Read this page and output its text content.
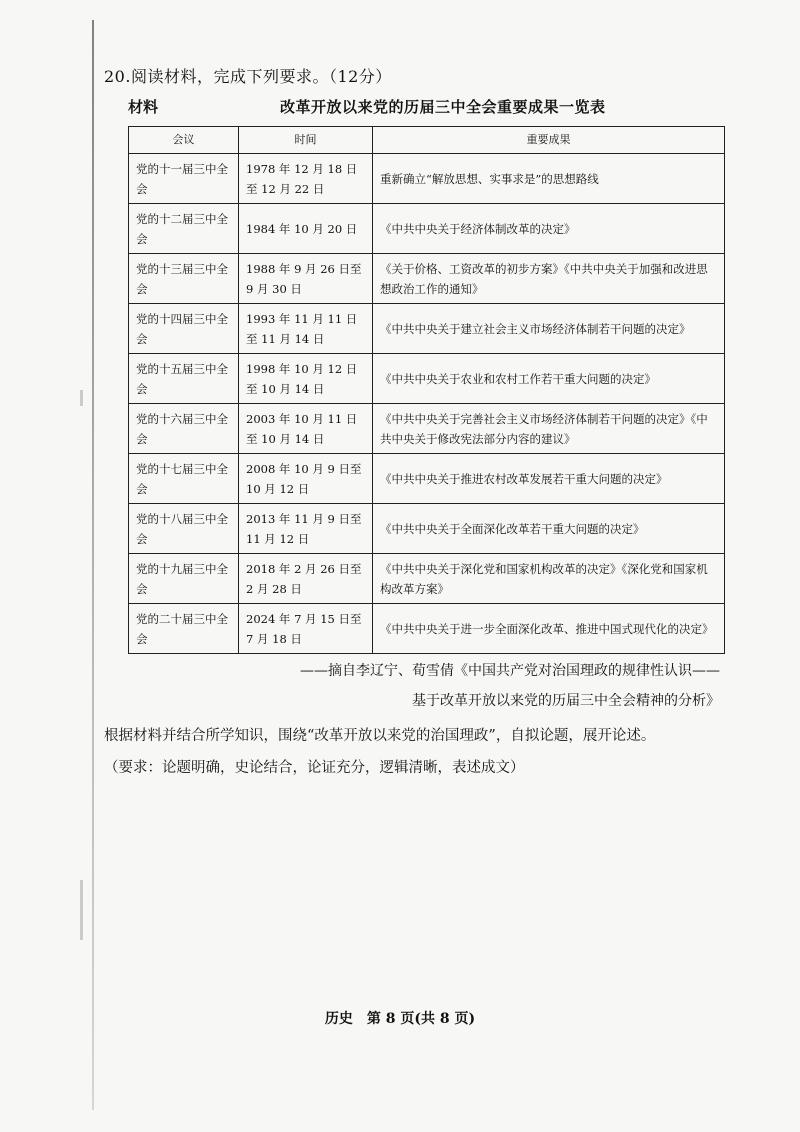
20.阅读材料，完成下列要求。（12分）
材料	改革开放以来党的历届三中全会重要成果一览表
会议	时间	重要成果
党的十一届三中全会	1978 年 12 月 18 日至 12 月 22 日	重新确立“解放思想、实事求是”的思想路线
党的十二届三中全会	1984 年 10 月 20 日	《中共中央关于经济体制改革的决定》
党的十三届三中全会	1988 年 9 月 26 日至 9 月 30 日	《关于价格、工资改革的初步方案》《中共中央关于加强和改进思想政治工作的通知》
党的十四届三中全会	1993 年 11 月 11 日至 11 月 14 日	《中共中央关于建立社会主义市场经济体制若干问题的决定》
党的十五届三中全会	1998 年 10 月 12 日至 10 月 14 日	《中共中央关于农业和农村工作若干重大问题的决定》
党的十六届三中全会	2003 年 10 月 11 日至 10 月 14 日	《中共中央关于完善社会主义市场经济体制若干问题的决定》《中共中央关于修改宪法部分内容的建议》
党的十七届三中全会	2008 年 10 月 9 日至 10 月 12 日	《中共中央关于推进农村改革发展若干重大问题的决定》
党的十八届三中全会	2013 年 11 月 9 日至 11 月 12 日	《中共中央关于全面深化改革若干重大问题的决定》
党的十九届三中全会	2018 年 2 月 26 日至 2 月 28 日	《中共中央关于深化党和国家机构改革的决定》《深化党和国家机构改革方案》
党的二十届三中全会	2024 年 7 月 15 日至 7 月 18 日	《中共中央关于进一步全面深化改革、推进中国式现代化的决定》
——摘自李辽宁、荀雪倩《中国共产党对治国理政的规律性认识——
基于改革开放以来党的历届三中全会精神的分析》
根据材料并结合所学知识，围绕“改革开放以来党的治国理政”，自拟论题，展开论述。
（要求：论题明确，史论结合，论证充分，逻辑清晰，表述成文）
历史　第 8 页(共 8 页)
